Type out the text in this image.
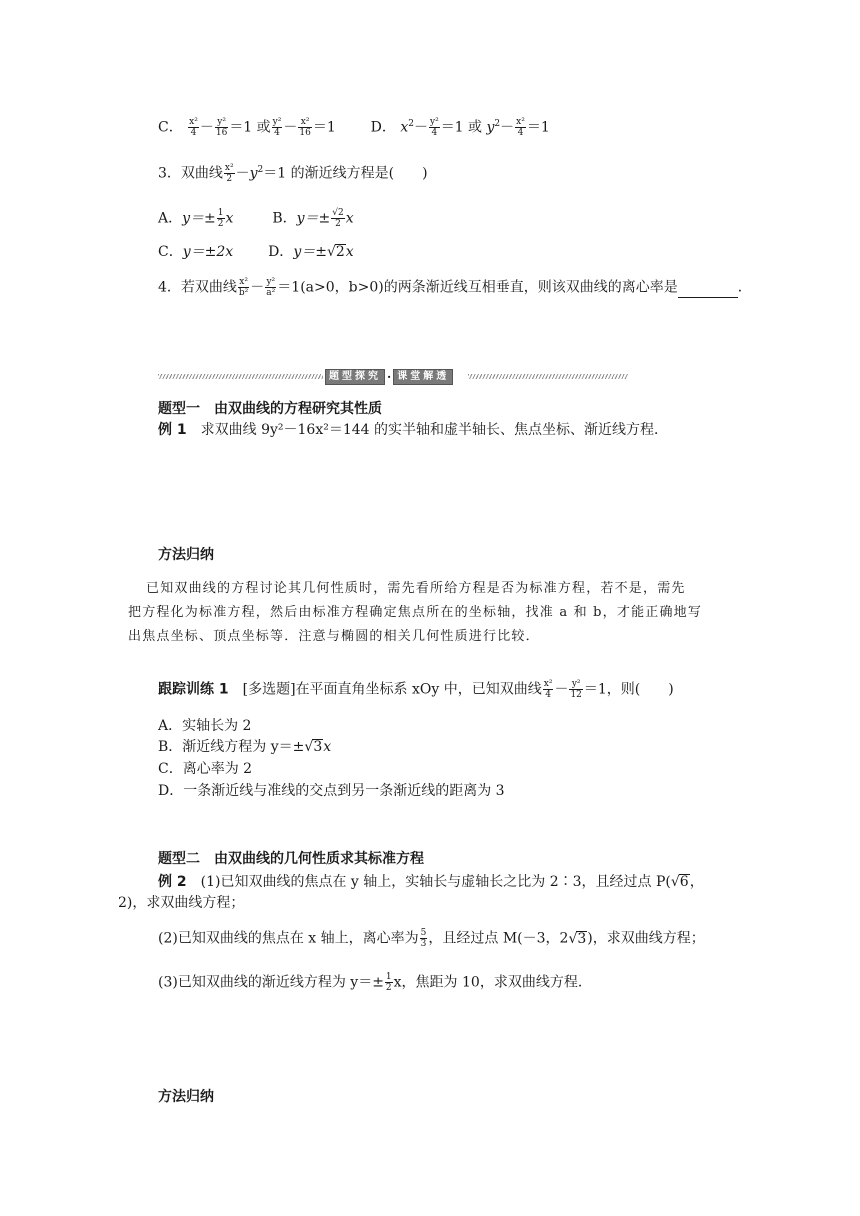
C． $\frac{\text{x²}}{4} - \frac{\text{y²}}{16} =1$ 或 $\frac{\text{y²}}{4} - \frac{\text{x²}}{16} =1$ D． $x^2- \frac{\text{y²}}{4} =1$ 或 $y^2- \frac{\text{x²}}{4} =1$
3．双曲线 $\frac{\text{x²}}{2} -y^2=1$ 的渐近线方程是(　　)
A．$y=\pm \frac{1}{2}$ x	B．$y=\pm \frac{√2}{2}$ x
C．y＝±2x D．y＝±√2x
4．若双曲线 $\frac{\text{x²}}{\text{b²}} - \frac{\text{y²}}{\text{a²}} =1(a>0$，b>0)的两条渐近线互相垂直，则该双曲线的离心率是	．
题型探究 · 课堂解透
题型一　由双曲线的方程研究其性质
例 1　求双曲线 9y²－16x²＝144 的实半轴和虚半轴长、焦点坐标、渐近线方程．
方法归纳
已知双曲线的方程讨论其几何性质时，需先看所给方程是否为标准方程，若不是，需先
把方程化为标准方程，然后由标准方程确定焦点所在的坐标轴，找准 a 和 b，才能正确地写
出焦点坐标、顶点坐标等．注意与椭圆的相关几何性质进行比较．
跟踪训练 1　[多选题]在平面直角坐标系 xOy 中，已知双曲线 $\frac{\text{x²}}{4} - \frac{\text{y²}}{12} =1$，则(　　)
A．实轴长为 2
B．渐近线方程为 y＝±√3x
C．离心率为 2
D．一条渐近线与准线的交点到另一条渐近线的距离为 3
题型二　由双曲线的几何性质求其标准方程
例 2　(1)已知双曲线的焦点在 y 轴上，实轴长与虚轴长之比为 2∶3，且经过点 P(√6，
2)，求双曲线方程；
(2)已知双曲线的焦点在 x 轴上，离心率为 $\frac{5}{3}$ ，且经过点 M(－3，2√3)，求双曲线方程；
(3)已知双曲线的渐近线方程为 $y=\pm \frac{1}{2}$ x，焦距为 10，求双曲线方程．
方法归纳
